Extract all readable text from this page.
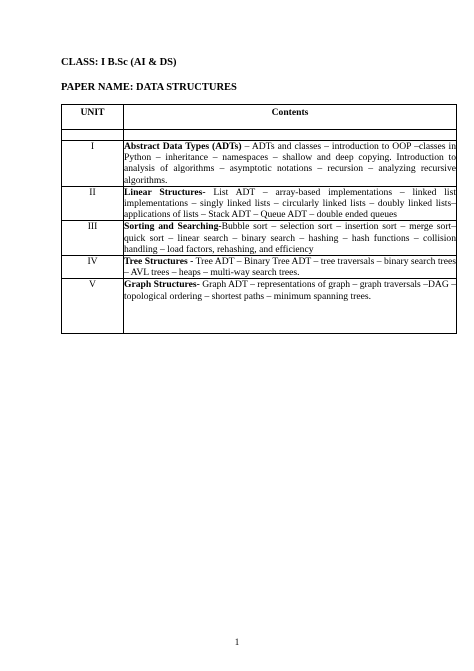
CLASS: I B.Sc (AI & DS)
PAPER NAME: DATA STRUCTURES
UNIT	Contents

I	Abstract Data Types (ADTs) – ADTs and classes – introduction to OOP –classes in Python – inheritance – namespaces – shallow and deep copying. Introduction to analysis of algorithms – asymptotic notations – recursion – analyzing recursive algorithms.
II	Linear Structures- List ADT – array-based implementations – linked list implementations – singly linked lists – circularly linked lists – doubly linked lists– applications of lists – Stack ADT – Queue ADT – double ended queues
III	Sorting and Searching-Bubble sort – selection sort – insertion sort – merge sort– quick sort – linear search – binary search – hashing – hash functions – collision handling – load factors, rehashing, and efficiency
IV	Tree Structures - Tree ADT – Binary Tree ADT – tree traversals – binary search trees – AVL trees – heaps – multi-way search trees.
V	Graph Structures- Graph ADT – representations of graph – graph traversals –DAG – topological ordering – shortest paths – minimum spanning trees.
1
